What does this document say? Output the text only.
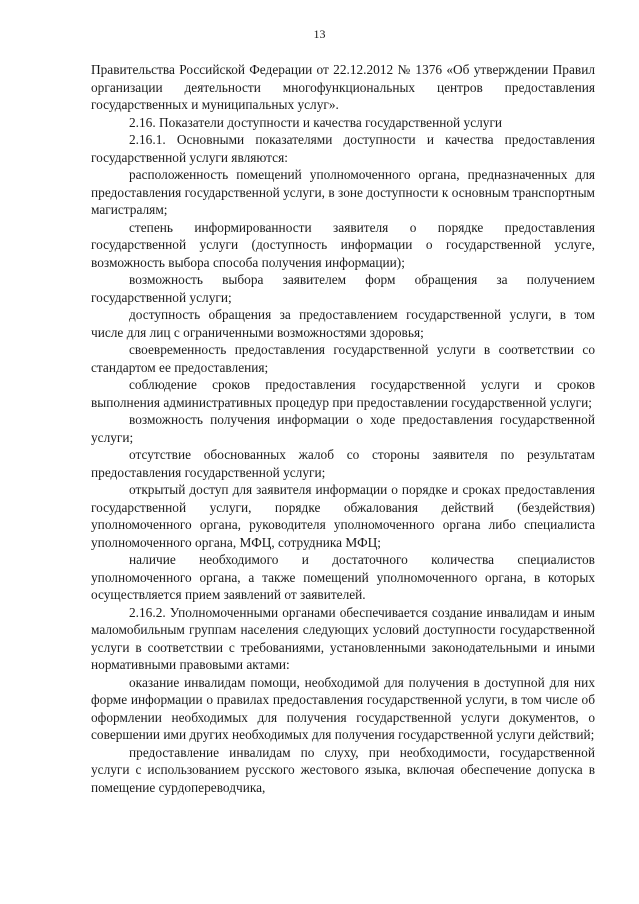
13

Правительства Российской Федерации от 22.12.2012 № 1376 «Об утверждении Правил организации деятельности многофункциональных центров предоставления государственных и муниципальных услуг».

2.16. Показатели доступности и качества государственной услуги

2.16.1. Основными показателями доступности и качества предоставления государственной услуги являются:

расположенность помещений уполномоченного органа, предназначенных для предоставления государственной услуги, в зоне доступности к основным транспортным магистралям;

степень информированности заявителя о порядке предоставления государственной услуги (доступность информации о государственной услуге, возможность выбора способа получения информации);

возможность выбора заявителем форм обращения за получением государственной услуги;

доступность обращения за предоставлением государственной услуги, в том числе для лиц с ограниченными возможностями здоровья;

своевременность предоставления государственной услуги в соответствии со стандартом ее предоставления;

соблюдение сроков предоставления государственной услуги и сроков выполнения административных процедур при предоставлении государственной услуги;

возможность получения информации о ходе предоставления государственной услуги;

отсутствие обоснованных жалоб со стороны заявителя по результатам предоставления государственной услуги;

открытый доступ для заявителя информации о порядке и сроках предоставления государственной услуги, порядке обжалования действий (бездействия) уполномоченного органа, руководителя уполномоченного органа либо специалиста уполномоченного органа, МФЦ, сотрудника МФЦ;

наличие необходимого и достаточного количества специалистов уполномоченного органа, а также помещений уполномоченного органа, в которых осуществляется прием заявлений от заявителей.

2.16.2. Уполномоченными органами обеспечивается создание инвалидам и иным маломобильным группам населения следующих условий доступности государственной услуги в соответствии с требованиями, установленными законодательными и иными нормативными правовыми актами:

оказание инвалидам помощи, необходимой для получения в доступной для них форме информации о правилах предоставления государственной услуги, в том числе об оформлении необходимых для получения государственной услуги документов, о совершении ими других необходимых для получения государственной услуги действий;

предоставление инвалидам по слуху, при необходимости, государственной услуги с использованием русского жестового языка, включая обеспечение допуска в помещение сурдопереводчика,
